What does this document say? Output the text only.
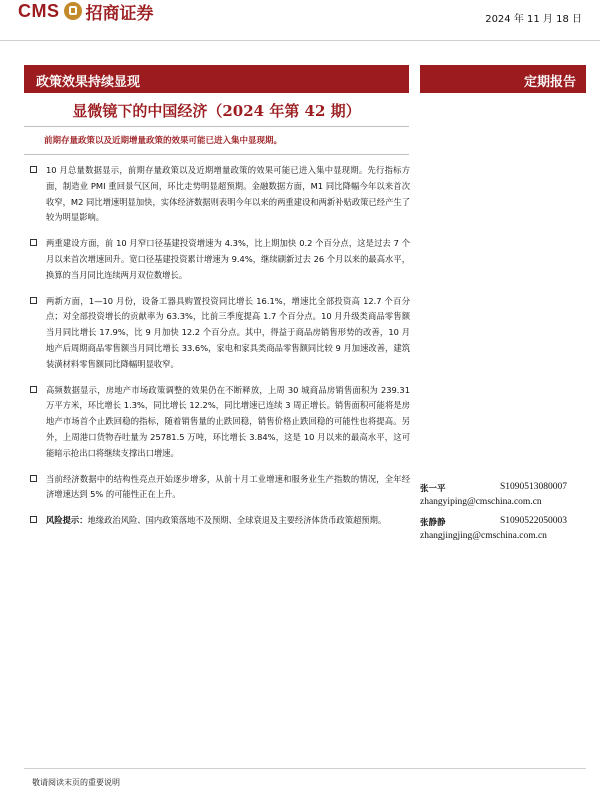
CMS 招商证券	2024 年 11 月 18 日
政策效果持续显现	定期报告
显微镜下的中国经济（2024 年第 42 期）
前期存量政策以及近期增量政策的效果可能已进入集中显现期。
10 月总量数据显示，前期存量政策以及近期增量政策的效果可能已进入集中显现期。先行指标方面，制造业 PMI 重回景气区间，环比走势明显超预期。金融数据方面，M1 同比降幅今年以来首次收窄，M2 同比增速明显加快，实体经济数据则表明今年以来的两重建设和两新补贴政策已经产生了较为明显影响。
两重建设方面，前 10 月窄口径基建投资增速为 4.3%，比上期加快 0.2 个百分点，这是过去 7 个月以来首次增速回升。宽口径基建投资累计增速为 9.4%，继续刷新过去 26 个月以来的最高水平，换算的当月同比连续两月双位数增长。
两新方面，1—10 月份，设备工器具购置投资同比增长 16.1%，增速比全部投资高 12.7 个百分点；对全部投资增长的贡献率为 63.3%，比前三季度提高 1.7 个百分点。10 月升级类商品零售额当月同比增长 17.9%，比 9 月加快 12.2 个百分点。其中，得益于商品房销售形势的改善，10 月地产后周期商品零售额当月同比增长 33.6%，家电和家具类商品零售额同比较 9 月加速改善，建筑装潢材料零售额同比降幅明显收窄。
高频数据显示，房地产市场政策调整的效果仍在不断释放，上周 30 城商品房销售面积为 239.31 万平方米，环比增长 1.3%，同比增长 12.2%，同比增速已连续 3 周正增长。销售面积可能将是房地产市场首个止跌回稳的指标，随着销售量的止跌回稳，销售价格止跌回稳的可能性也将提高。另外，上周港口货物吞吐量为 25781.5 万吨，环比增长 3.84%，这是 10 月以来的最高水平，这可能暗示抢出口将继续支撑出口增速。
当前经济数据中的结构性亮点开始逐步增多，从前十月工业增速和服务业生产指数的情况，全年经济增速达到 5% 的可能性正在上升。
风险提示：地缘政治风险、国内政策落地不及预期、全球衰退及主要经济体货币政策超预期。
张一平	S1090513080007
zhangyiping@cmschina.com.cn
张静静	S1090522050003
zhangjingjing@cmschina.com.cn
敬请阅读末页的重要说明
